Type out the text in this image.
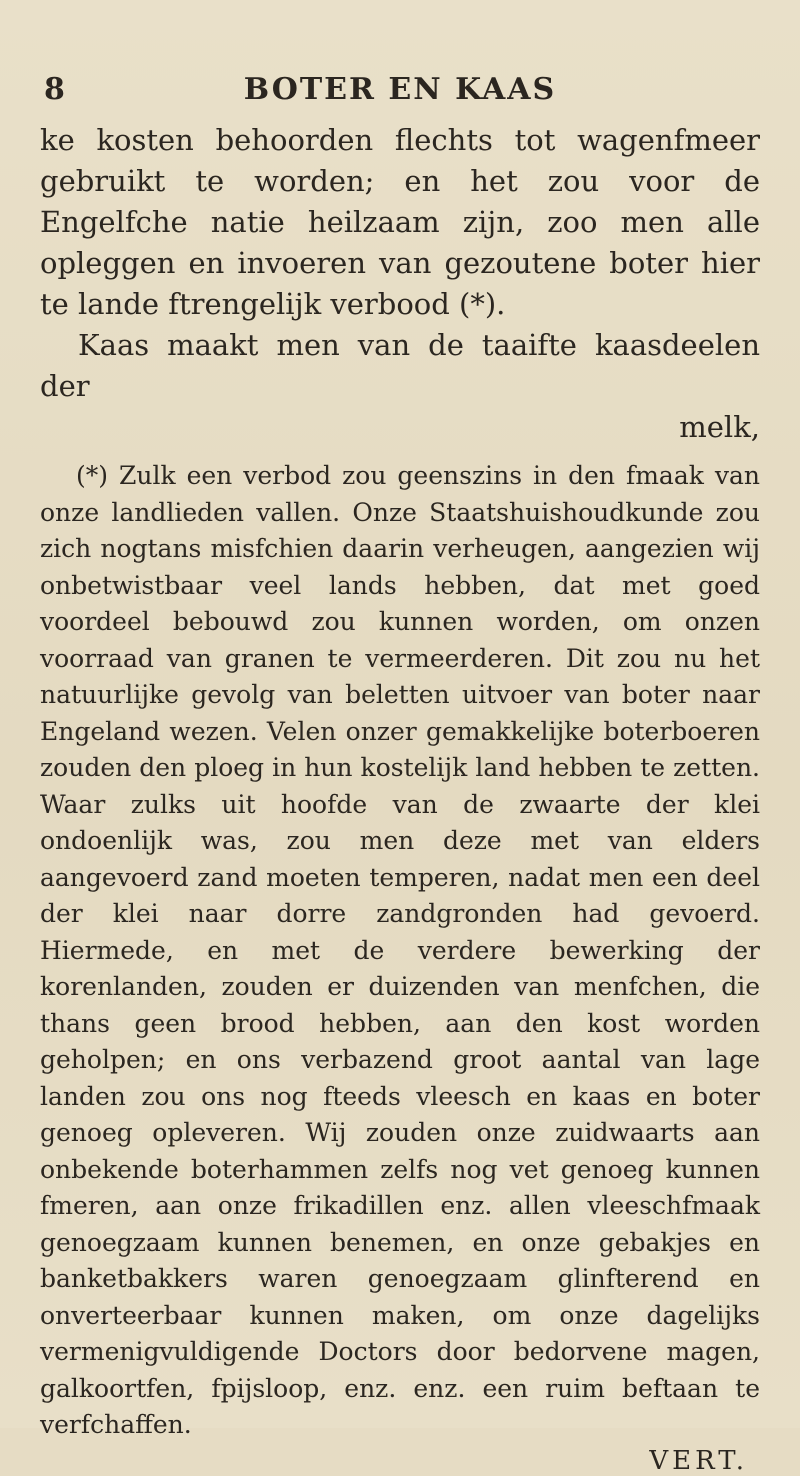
8	BOTER EN KAAS

ke kosten behoorden flechts tot wagenfmeer gebruikt te worden; en het zou voor de Engelfche natie heilzaam zijn, zoo men alle opleggen en invoeren van gezoutene boter hier te lande ftrengelijk verbood (*).

Kaas maakt men van de taaifte kaasdeelen der

melk,

(*) Zulk een verbod zou geenszins in den fmaak van onze landlieden vallen. Onze Staatshuishoudkunde zou zich nogtans misfchien daarin verheugen, aangezien wij onbetwistbaar veel lands hebben, dat met goed voordeel bebouwd zou kunnen worden, om onzen voorraad van granen te vermeerderen. Dit zou nu het natuurlijke gevolg van beletten uitvoer van boter naar Engeland wezen. Velen onzer gemakkelijke boterboeren zouden den ploeg in hun kostelijk land hebben te zetten. Waar zulks uit hoofde van de zwaarte der klei ondoenlijk was, zou men deze met van elders aangevoerd zand moeten temperen, nadat men een deel der klei naar dorre zandgronden had gevoerd. Hiermede, en met de verdere bewerking der korenlanden, zouden er duizenden van menfchen, die thans geen brood hebben, aan den kost worden geholpen; en ons verbazend groot aantal van lage landen zou ons nog fteeds vleesch en kaas en boter genoeg opleveren. Wij zouden onze zuidwaarts aan onbekende boterhammen zelfs nog vet genoeg kunnen fmeren, aan onze frikadillen enz. allen vleeschfmaak genoegzaam kunnen benemen, en onze gebakjes en banketbakkers waren genoegzaam glinfterend en onverteerbaar kunnen maken, om onze dagelijks vermenigvuldigende Doctors door bedorvene magen, galkoortfen, fpijsloop, enz. enz. een ruim beftaan te verfchaffen.

VERT.
